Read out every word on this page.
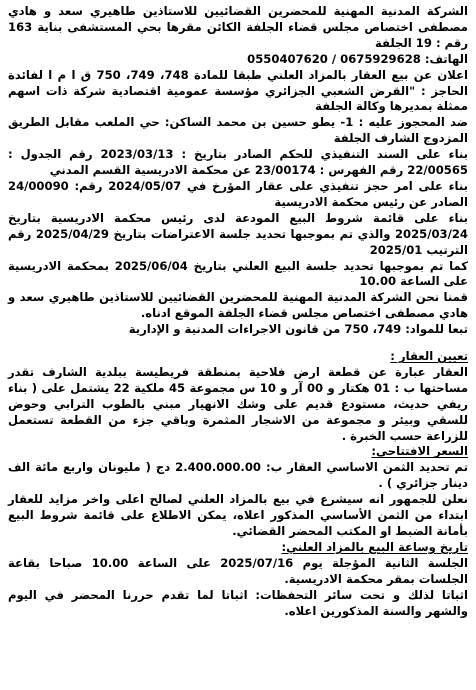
الشركة المدنية المهنية للمحضرين القضائيين للاستاذين طاهيري سعد و هادي مصطفى اختصاص مجلس قضاء الجلفة الكائن مقرها بحي المستشفى بناية 163 رقم : 19 الجلفة

الهاتف: 0675929628 / 0550407620

اعلان عن بيع العقار بالمزاد العلني طبقا للمادة 748، 749، 750 ق ا م ا لفائدة الحاجز : "القرض الشعبي الجزائري مؤسسة عمومية اقتصادية شركة ذات اسهم ممثلة بمديرها وكالة الجلفة

ضد المحجوز عليه : 1- يطو حسين بن محمد الساكن: حي الملعب مقابل الطريق المزدوج الشارف الجلفة

بناء على السند التنفيذي للحكم الصادر بتاريخ : 2023/03/13 رقم الجدول : 22/00565 رقم الفهرس : 23/00174 عن محكمة الادريسية القسم المدني

بناء على امر حجز تنفيذي على عقار المؤرخ في 2024/05/07 رقم: 24/00090 الصادر عن رئيس محكمة الادريسية

بناء على قائمة شروط البيع المودعة لدى رئيس محكمة الادريسية بتاريخ 2025/03/24 والذي تم بموجبها تحديد جلسة الاعتراضات بتاريخ 2025/04/29 رقم الترتيب 2025/01

كما تم بموجبها تحديد جلسة البيع العلني بتاريخ 2025/06/04 بمحكمة الادريسية على الساعة 10.00

قمنا نحن الشركة المدنية المهنية للمحضرين القضائيين للاستاذين طاهيري سعد و هادي مصطفى اختصاص مجلس قضاء الجلفة الموقع ادناه.

تبعا للمواد: 749، 750 من قانون الاجراءات المدنية و الإدارية

تعيين العقار :

العقار عبارة عن قطعة ارض فلاحية بمنطقة فريطيسة ببلدية الشارف تقدر مساحتها ب : 01 هكتار و 00 آر و 10 س مجموعة 45 ملكية 22 يشتمل على ( بناء ريفي حديث، مستودع قديم على وشك الانهيار مبني بالطوب الترابي وحوض للسقي وبيئر و مجموعة من الاشجار المثمرة وباقي جزء من القطعة تستعمل للزراعة حسب الخبرة .

السعر الافتتاحي:

تم تحديد الثمن الاساسي العقار ب: 2.400.000.00 دج ( مليونان واربع مائة الف دينار جزائري ) .

نعلن للجمهور انه سيشرع في بيع بالمزاد العلني لصالح اعلى واخر مزايد للعقار ابتداء من الثمن الأساسي المذكور اعلاه، يمكن الاطلاع على قائمة شروط البيع بأمانة الضبط او المكتب المحضر القضائي.

تاريخ وساعة البيع بالمزاد العلني:

الجلسة الثانية المؤجلة يوم 2025/07/16 على الساعة 10.00 صباحا بقاعة الجلسات بمقر محكمة الادريسية.

اثباتا لذلك و تحت سائر التحفظات: اثباتا لما تقدم حررنا المحضر في اليوم والشهر والسنة المذكورين اعلاه.
